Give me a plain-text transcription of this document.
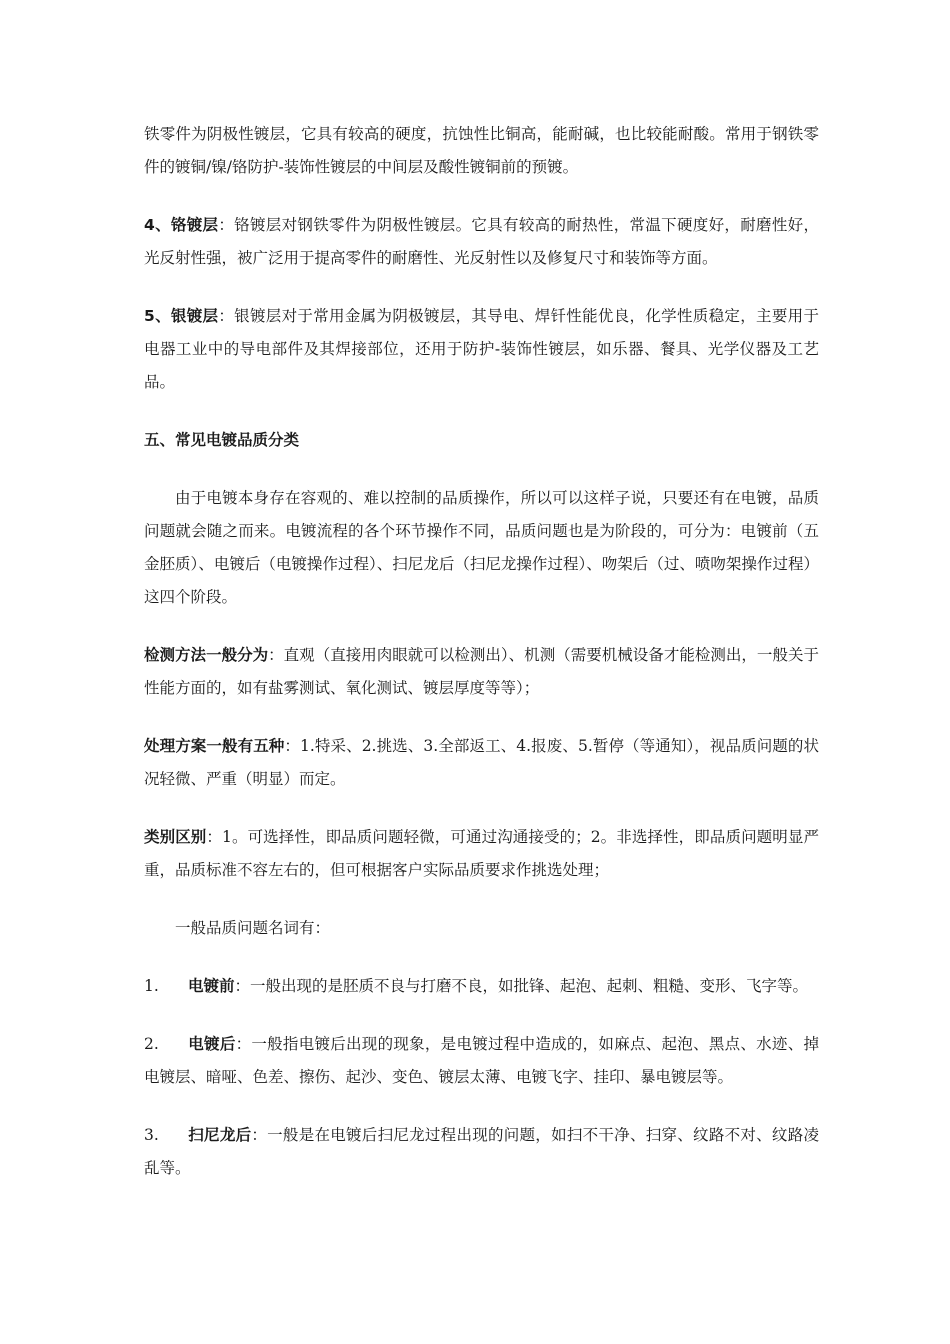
铁零件为阴极性镀层，它具有较高的硬度，抗蚀性比铜高，能耐碱，也比较能耐酸。常用于钢铁零件的镀铜/镍/铬防护-装饰性镀层的中间层及酸性镀铜前的预镀。

4、铬镀层：铬镀层对钢铁零件为阴极性镀层。它具有较高的耐热性，常温下硬度好，耐磨性好，光反射性强，被广泛用于提高零件的耐磨性、光反射性以及修复尺寸和装饰等方面。

5、银镀层：银镀层对于常用金属为阴极镀层，其导电、焊钎性能优良，化学性质稳定，主要用于电器工业中的导电部件及其焊接部位，还用于防护-装饰性镀层，如乐器、餐具、光学仪器及工艺品。

五、常见电镀品质分类

由于电镀本身存在容观的、难以控制的品质操作，所以可以这样子说，只要还有在电镀，品质问题就会随之而来。电镀流程的各个环节操作不同，品质问题也是为阶段的，可分为：电镀前（五金胚质）、电镀后（电镀操作过程）、扫尼龙后（扫尼龙操作过程）、吻架后（过、喷吻架操作过程）这四个阶段。

检测方法一般分为：直观（直接用肉眼就可以检测出）、机测（需要机械设备才能检测出，一般关于性能方面的，如有盐雾测试、氧化测试、镀层厚度等等）；

处理方案一般有五种：1.特采、2.挑选、3.全部返工、4.报废、5.暂停（等通知），视品质问题的状况轻微、严重（明显）而定。

类别区别：1。可选择性，即品质问题轻微，可通过沟通接受的；2。非选择性，即品质问题明显严重，品质标准不容左右的，但可根据客户实际品质要求作挑选处理；

一般品质问题名词有：

1. 电镀前：一般出现的是胚质不良与打磨不良，如批锋、起泡、起刺、粗糙、变形、飞字等。

2. 电镀后：一般指电镀后出现的现象，是电镀过程中造成的，如麻点、起泡、黑点、水迹、掉电镀层、暗哑、色差、擦伤、起沙、变色、镀层太薄、电镀飞字、挂印、暴电镀层等。

3. 扫尼龙后：一般是在电镀后扫尼龙过程出现的问题，如扫不干净、扫穿、纹路不对、纹路凌乱等。
